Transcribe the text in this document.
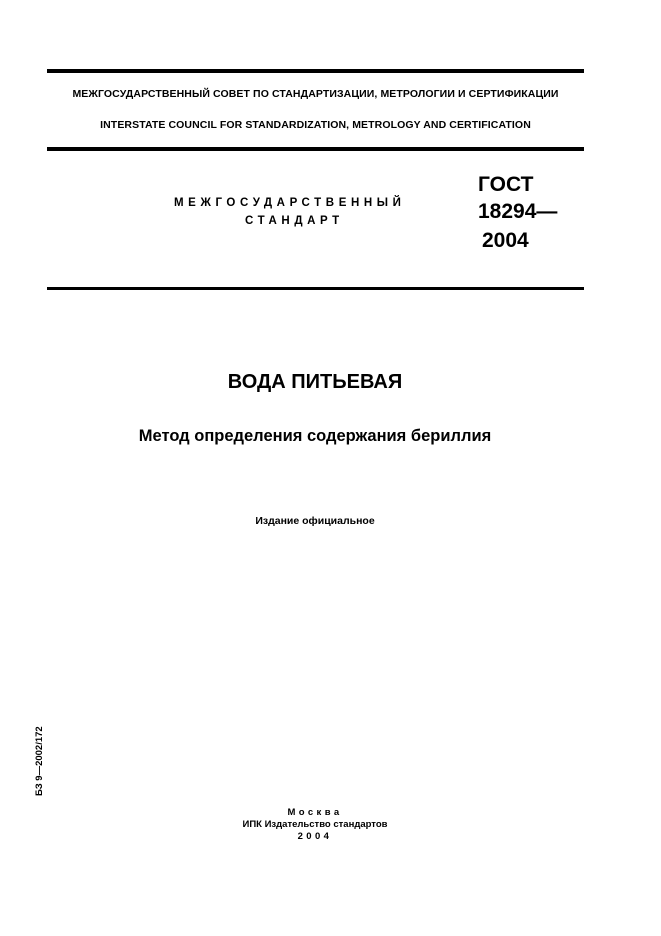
МЕЖГОСУДАРСТВЕННЫЙ СОВЕТ ПО СТАНДАРТИЗАЦИИ, МЕТРОЛОГИИ И СЕРТИФИКАЦИИ
INTERSTATE COUNCIL FOR STANDARDIZATION, METROLOGY AND CERTIFICATION
МЕЖГОСУДАРСТВЕННЫЙ
СТАНДАРТ
ГОСТ
18294—
2004
ВОДА ПИТЬЕВАЯ
Метод определения содержания бериллия
Издание официальное
БЗ 9—2002/172
Москва
ИПК Издательство стандартов
2004
